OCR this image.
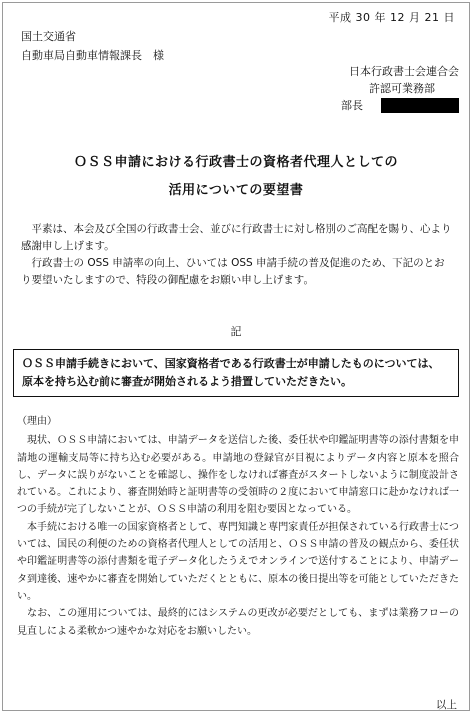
平成 30 年 12 月 21 日
国土交通省
自動車局自動車情報課長　様
日本行政書士会連合会
許認可業務部
部長
ＯＳＳ申請における行政書士の資格者代理人としての
活用についての要望書

平素は、本会及び全国の行政書士会、並びに行政書士に対し格別のご高配を賜り、心より感謝申し上げます。

行政書士の OSS 申請率の向上、ひいては OSS 申請手続の普及促進のため、下記のとおり要望いたしますので、特段の御配慮をお願い申し上げます。

記
ＯＳＳ申請手続きにおいて、国家資格者である行政書士が申請したものについては、原本を持ち込む前に審査が開始されるよう措置していただきたい。
（理由）

現状、ＯＳＳ申請においては、申請データを送信した後、委任状や印鑑証明書等の添付書類を申請地の運輸支局等に持ち込む必要がある。申請地の登録官が目視によりデータ内容と原本を照合し、データに誤りがないことを確認し、操作をしなければ審査がスタートしないように制度設計されている。これにより、審査開始時と証明書等の受領時の２度において申請窓口に赴かなければ一つの手続が完了しないことが、ＯＳＳ申請の利用を阻む要因となっている。

本手続における唯一の国家資格者として、専門知識と専門家責任が担保されている行政書士については、国民の利便のための資格者代理人としての活用と、ＯＳＳ申請の普及の観点から、委任状や印鑑証明書等の添付書類を電子データ化したうえでオンラインで送付することにより、申請データ到達後、速やかに審査を開始していただくとともに、原本の後日提出等を可能としていただきたい。

なお、この運用については、最終的にはシステムの更改が必要だとしても、まずは業務フローの見直しによる柔軟かつ速やかな対応をお願いしたい。

以上
